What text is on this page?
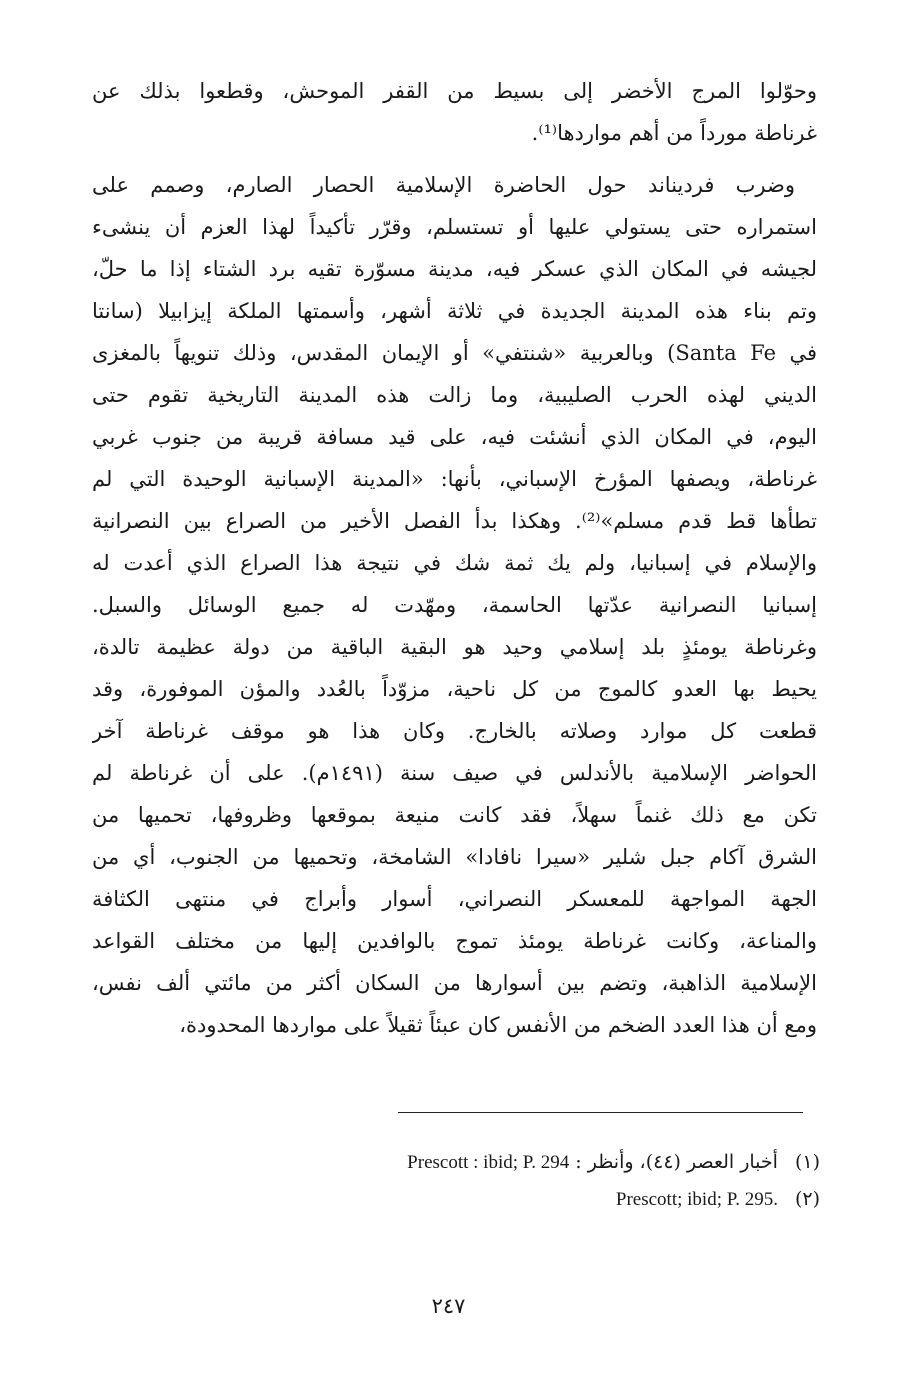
وحوّلوا المرج الأخضر إلى بسيط من القفر الموحش، وقطعوا بذلك عن
غرناطة مورداً من أهم مواردها⁽¹⁾.
وضرب فرديناند حول الحاضرة الإسلامية الحصار الصارم، وصمم على
استمراره حتى يستولي عليها أو تستسلم، وقرّر تأكيداً لهذا العزم أن ينشىء
لجيشه في المكان الذي عسكر فيه، مدينة مسوّرة تقيه برد الشتاء إذا ما حلّ،
وتم بناء هذه المدينة الجديدة في ثلاثة أشهر، وأسمتها الملكة إيزابيلا (سانتا
في Santa Fe) وبالعربية «شنتفي» أو الإيمان المقدس، وذلك تنويهاً بالمغزى
الديني لهذه الحرب الصليبية، وما زالت هذه المدينة التاريخية تقوم حتى
اليوم، في المكان الذي أنشئت فيه، على قيد مسافة قريبة من جنوب غربي
غرناطة، ويصفها المؤرخ الإسباني، بأنها: «المدينة الإسبانية الوحيدة التي لم
تطأها قط قدم مسلم»⁽²⁾. وهكذا بدأ الفصل الأخير من الصراع بين النصرانية
والإسلام في إسبانيا، ولم يك ثمة شك في نتيجة هذا الصراع الذي أعدت له
إسبانيا النصرانية عدّتها الحاسمة، ومهّدت له جميع الوسائل والسبل.
وغرناطة يومئذٍ بلد إسلامي وحيد هو البقية الباقية من دولة عظيمة تالدة،
يحيط بها العدو كالموج من كل ناحية، مزوّداً بالعُدد والمؤن الموفورة، وقد
قطعت كل موارد وصلاته بالخارج. وكان هذا هو موقف غرناطة آخر
الحواضر الإسلامية بالأندلس في صيف سنة (١٤٩١م). على أن غرناطة لم
تكن مع ذلك غنماً سهلاً، فقد كانت منيعة بموقعها وظروفها، تحميها من
الشرق آكام جبل شلير «سيرا نافادا» الشامخة، وتحميها من الجنوب، أي من
الجهة المواجهة للمعسكر النصراني، أسوار وأبراج في منتهى الكثافة
والمناعة، وكانت غرناطة يومئذ تموج بالوافدين إليها من مختلف القواعد
الإسلامية الذاهبة، وتضم بين أسوارها من السكان أكثر من مائتي ألف نفس،
ومع أن هذا العدد الضخم من الأنفس كان عبئاً ثقيلاً على مواردها المحدودة،
(١) أخبار العصر (٤٤)، وأنظر : Prescott : ibid; P. 294
(٢) Prescott; ibid; P. 295.
٢٤٧
